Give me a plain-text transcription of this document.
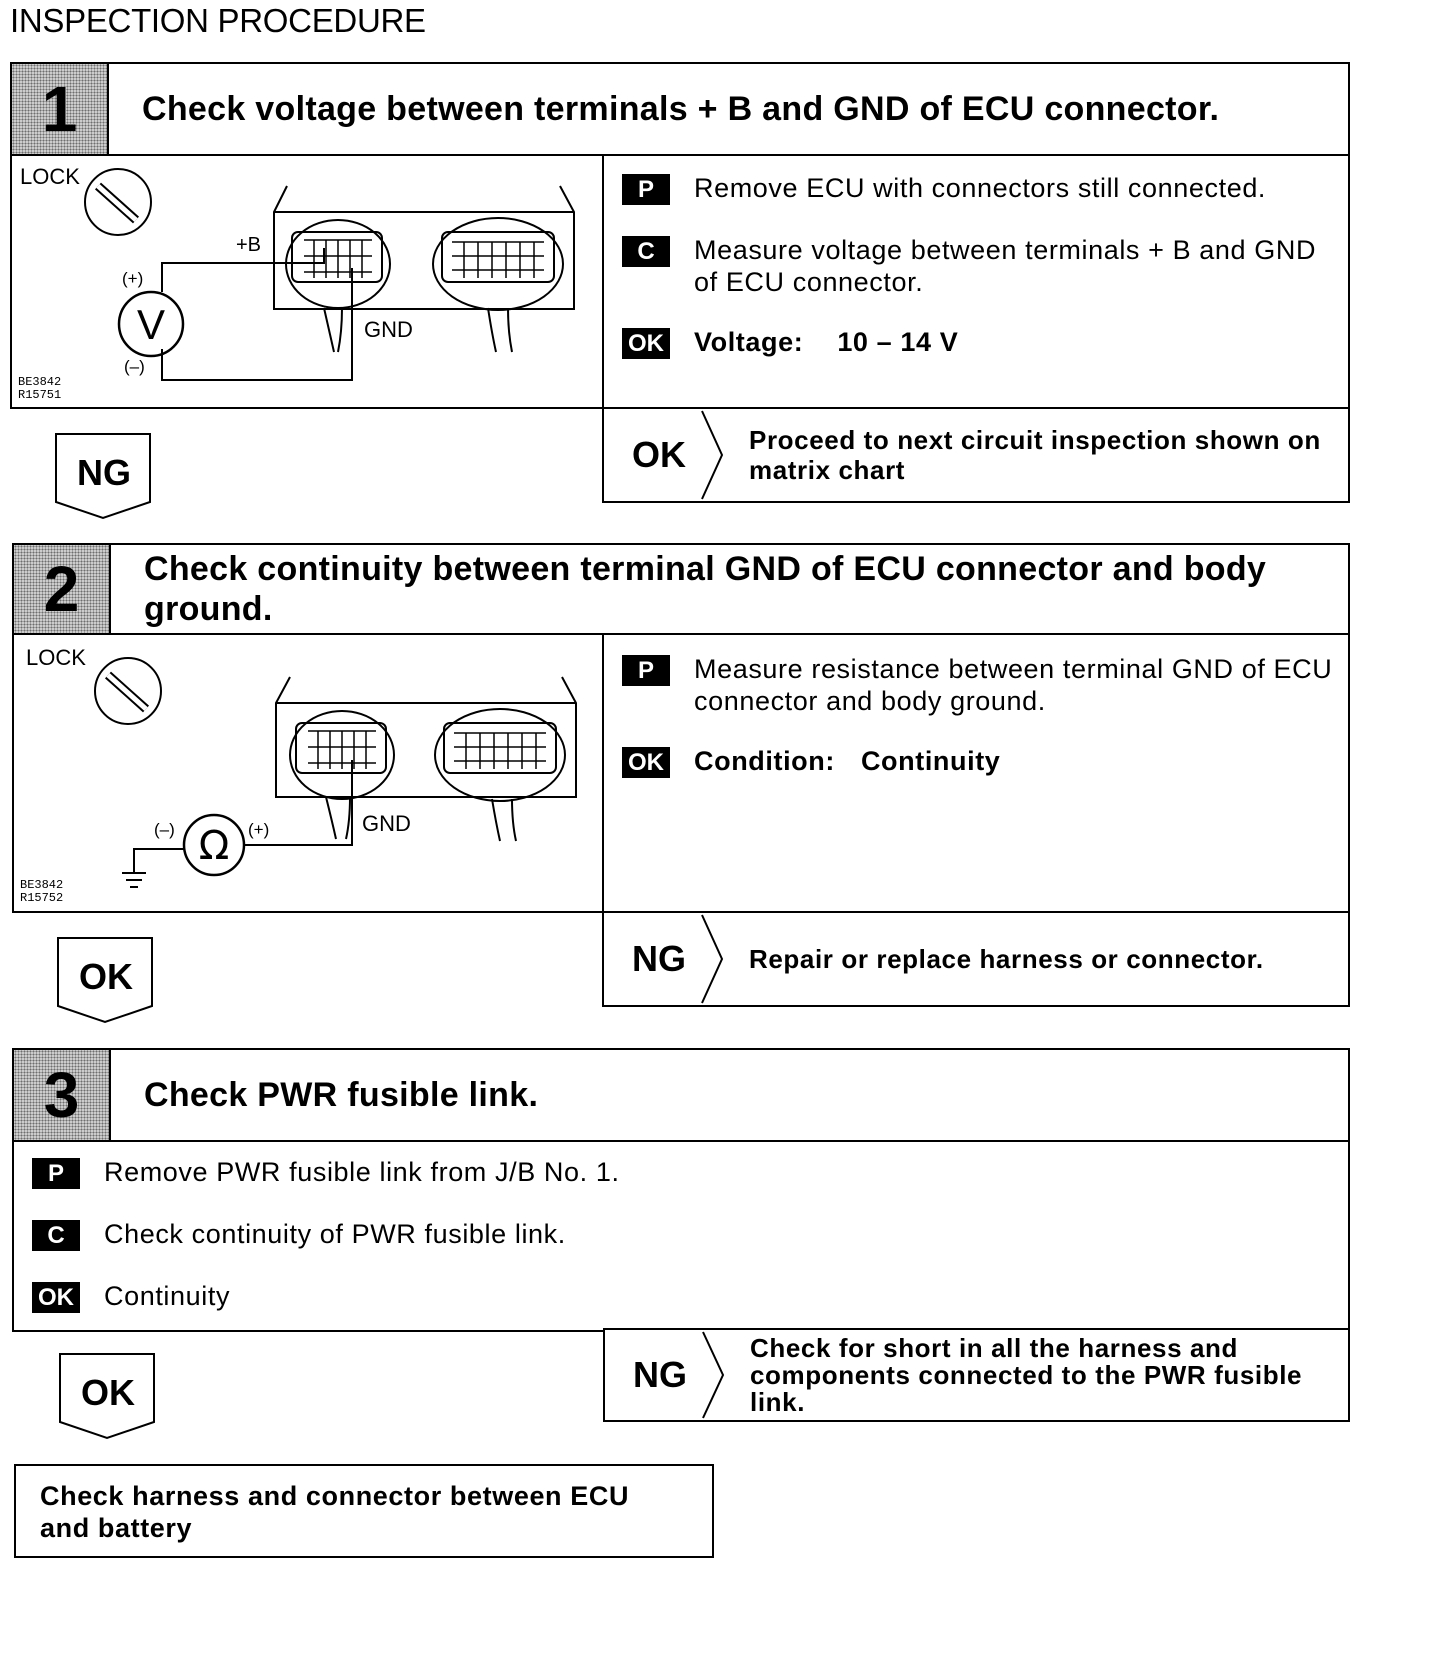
INSPECTION PROCEDURE
1	Check voltage between terminals + B and GND of ECU connector.
V
LOCK
(+)
(–)
+B
GND
BE3842
R15751
P	Remove ECU with connectors still connected.
C	Measure voltage between terminals + B and GND of ECU connector.
OK Voltage: 10 – 14 V
OK	Proceed to next circuit inspection shown on matrix chart
NG
2	Check continuity between terminal GND of ECU connector and body ground.
Ω
LOCK
(–)	(+)	GND
BE3842
R15752
P	Measure resistance between terminal GND of ECU connector and body ground.
OK Condition: Continuity
NG	Repair or replace harness or connector.
OK
3	Check PWR fusible link.
P	Remove PWR fusible link from J/B No. 1.
C	Check continuity of PWR fusible link.
OK Continuity
NG
Check for short in all the harness and components connected to the PWR fusible link.
OK
Check harness and connector between ECU and battery
